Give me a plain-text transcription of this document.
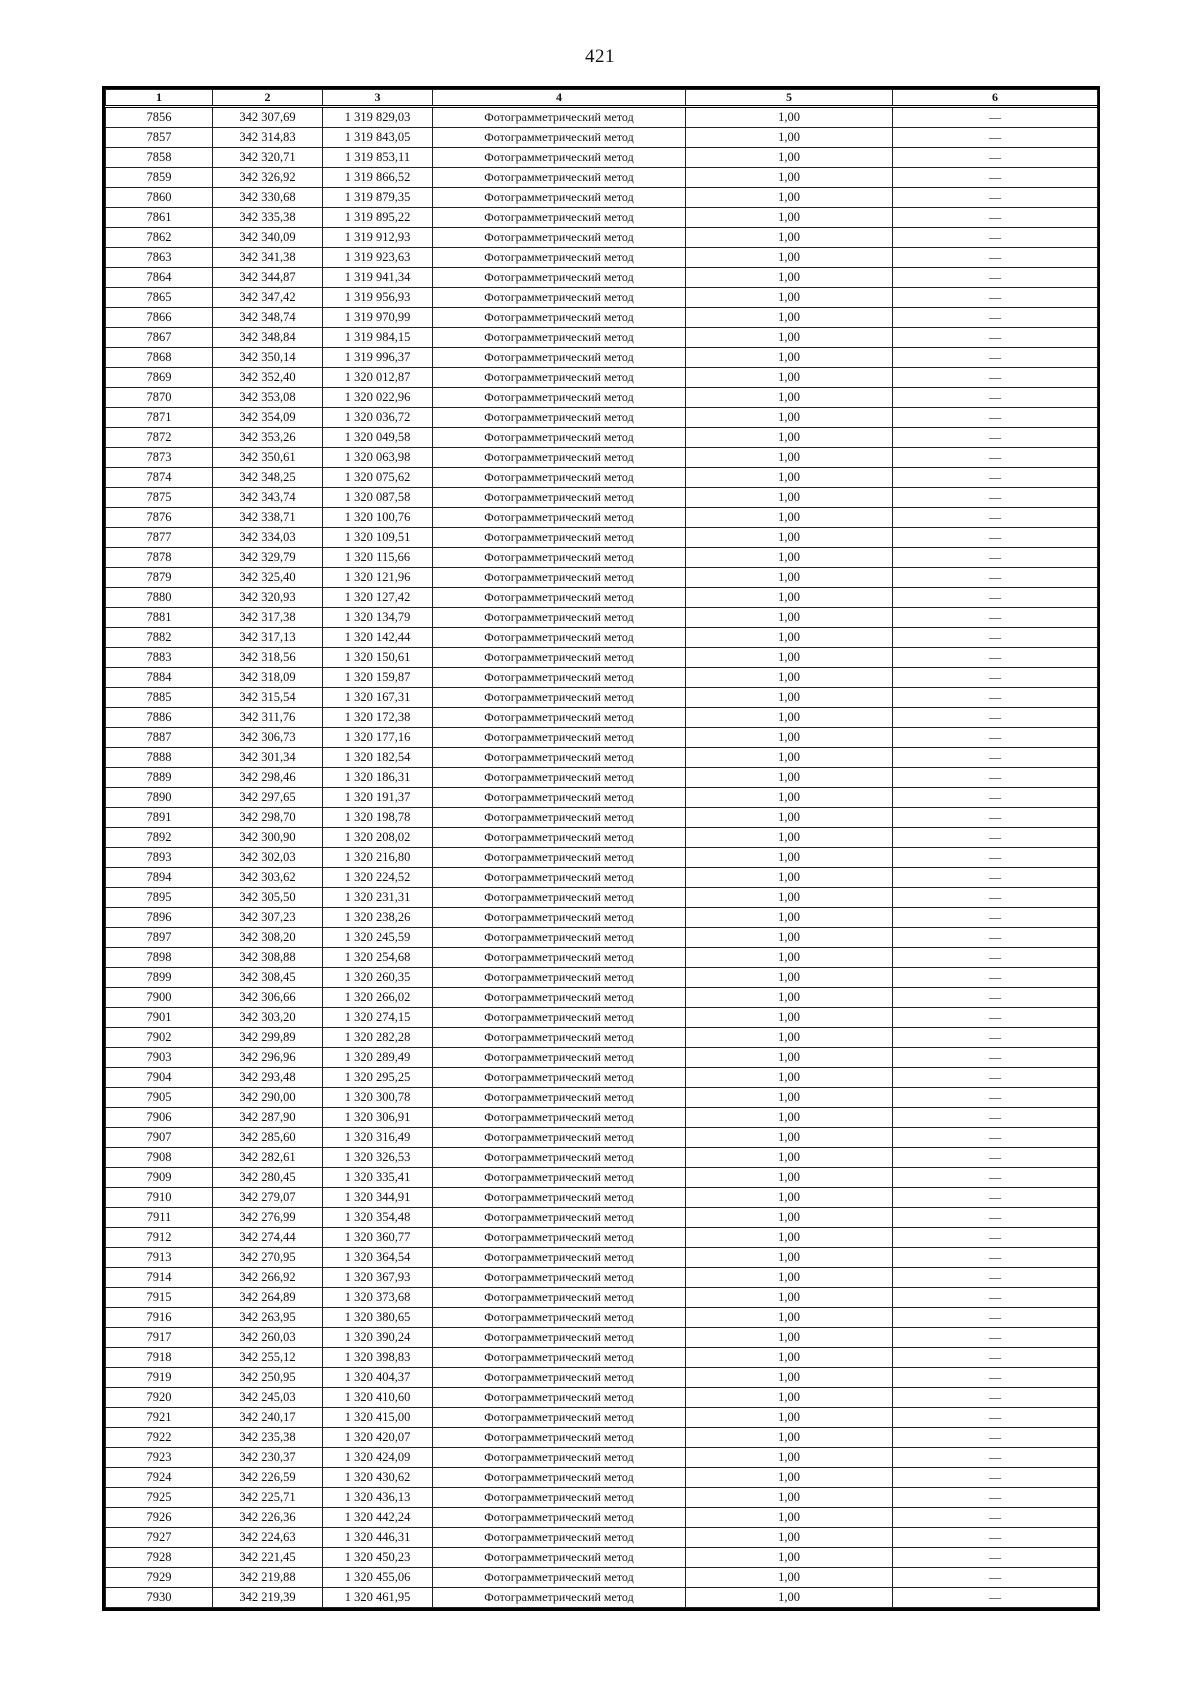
421
1	2	3	4	5	6
7856	342 307,69	1 319 829,03	Фотограмметрический метод	1,00	—
7857	342 314,83	1 319 843,05	Фотограмметрический метод	1,00	—
7858	342 320,71	1 319 853,11	Фотограмметрический метод	1,00	—
7859	342 326,92	1 319 866,52	Фотограмметрический метод	1,00	—
7860	342 330,68	1 319 879,35	Фотограмметрический метод	1,00	—
7861	342 335,38	1 319 895,22	Фотограмметрический метод	1,00	—
7862	342 340,09	1 319 912,93	Фотограмметрический метод	1,00	—
7863	342 341,38	1 319 923,63	Фотограмметрический метод	1,00	—
7864	342 344,87	1 319 941,34	Фотограмметрический метод	1,00	—
7865	342 347,42	1 319 956,93	Фотограмметрический метод	1,00	—
7866	342 348,74	1 319 970,99	Фотограмметрический метод	1,00	—
7867	342 348,84	1 319 984,15	Фотограмметрический метод	1,00	—
7868	342 350,14	1 319 996,37	Фотограмметрический метод	1,00	—
7869	342 352,40	1 320 012,87	Фотограмметрический метод	1,00	—
7870	342 353,08	1 320 022,96	Фотограмметрический метод	1,00	—
7871	342 354,09	1 320 036,72	Фотограмметрический метод	1,00	—
7872	342 353,26	1 320 049,58	Фотограмметрический метод	1,00	—
7873	342 350,61	1 320 063,98	Фотограмметрический метод	1,00	—
7874	342 348,25	1 320 075,62	Фотограмметрический метод	1,00	—
7875	342 343,74	1 320 087,58	Фотограмметрический метод	1,00	—
7876	342 338,71	1 320 100,76	Фотограмметрический метод	1,00	—
7877	342 334,03	1 320 109,51	Фотограмметрический метод	1,00	—
7878	342 329,79	1 320 115,66	Фотограмметрический метод	1,00	—
7879	342 325,40	1 320 121,96	Фотограмметрический метод	1,00	—
7880	342 320,93	1 320 127,42	Фотограмметрический метод	1,00	—
7881	342 317,38	1 320 134,79	Фотограмметрический метод	1,00	—
7882	342 317,13	1 320 142,44	Фотограмметрический метод	1,00	—
7883	342 318,56	1 320 150,61	Фотограмметрический метод	1,00	—
7884	342 318,09	1 320 159,87	Фотограмметрический метод	1,00	—
7885	342 315,54	1 320 167,31	Фотограмметрический метод	1,00	—
7886	342 311,76	1 320 172,38	Фотограмметрический метод	1,00	—
7887	342 306,73	1 320 177,16	Фотограмметрический метод	1,00	—
7888	342 301,34	1 320 182,54	Фотограмметрический метод	1,00	—
7889	342 298,46	1 320 186,31	Фотограмметрический метод	1,00	—
7890	342 297,65	1 320 191,37	Фотограмметрический метод	1,00	—
7891	342 298,70	1 320 198,78	Фотограмметрический метод	1,00	—
7892	342 300,90	1 320 208,02	Фотограмметрический метод	1,00	—
7893	342 302,03	1 320 216,80	Фотограмметрический метод	1,00	—
7894	342 303,62	1 320 224,52	Фотограмметрический метод	1,00	—
7895	342 305,50	1 320 231,31	Фотограмметрический метод	1,00	—
7896	342 307,23	1 320 238,26	Фотограмметрический метод	1,00	—
7897	342 308,20	1 320 245,59	Фотограмметрический метод	1,00	—
7898	342 308,88	1 320 254,68	Фотограмметрический метод	1,00	—
7899	342 308,45	1 320 260,35	Фотограмметрический метод	1,00	—
7900	342 306,66	1 320 266,02	Фотограмметрический метод	1,00	—
7901	342 303,20	1 320 274,15	Фотограмметрический метод	1,00	—
7902	342 299,89	1 320 282,28	Фотограмметрический метод	1,00	—
7903	342 296,96	1 320 289,49	Фотограмметрический метод	1,00	—
7904	342 293,48	1 320 295,25	Фотограмметрический метод	1,00	—
7905	342 290,00	1 320 300,78	Фотограмметрический метод	1,00	—
7906	342 287,90	1 320 306,91	Фотограмметрический метод	1,00	—
7907	342 285,60	1 320 316,49	Фотограмметрический метод	1,00	—
7908	342 282,61	1 320 326,53	Фотограмметрический метод	1,00	—
7909	342 280,45	1 320 335,41	Фотограмметрический метод	1,00	—
7910	342 279,07	1 320 344,91	Фотограмметрический метод	1,00	—
7911	342 276,99	1 320 354,48	Фотограмметрический метод	1,00	—
7912	342 274,44	1 320 360,77	Фотограмметрический метод	1,00	—
7913	342 270,95	1 320 364,54	Фотограмметрический метод	1,00	—
7914	342 266,92	1 320 367,93	Фотограмметрический метод	1,00	—
7915	342 264,89	1 320 373,68	Фотограмметрический метод	1,00	—
7916	342 263,95	1 320 380,65	Фотограмметрический метод	1,00	—
7917	342 260,03	1 320 390,24	Фотограмметрический метод	1,00	—
7918	342 255,12	1 320 398,83	Фотограмметрический метод	1,00	—
7919	342 250,95	1 320 404,37	Фотограмметрический метод	1,00	—
7920	342 245,03	1 320 410,60	Фотограмметрический метод	1,00	—
7921	342 240,17	1 320 415,00	Фотограмметрический метод	1,00	—
7922	342 235,38	1 320 420,07	Фотограмметрический метод	1,00	—
7923	342 230,37	1 320 424,09	Фотограмметрический метод	1,00	—
7924	342 226,59	1 320 430,62	Фотограмметрический метод	1,00	—
7925	342 225,71	1 320 436,13	Фотограмметрический метод	1,00	—
7926	342 226,36	1 320 442,24	Фотограмметрический метод	1,00	—
7927	342 224,63	1 320 446,31	Фотограмметрический метод	1,00	—
7928	342 221,45	1 320 450,23	Фотограмметрический метод	1,00	—
7929	342 219,88	1 320 455,06	Фотограмметрический метод	1,00	—
7930	342 219,39	1 320 461,95	Фотограмметрический метод	1,00	—
